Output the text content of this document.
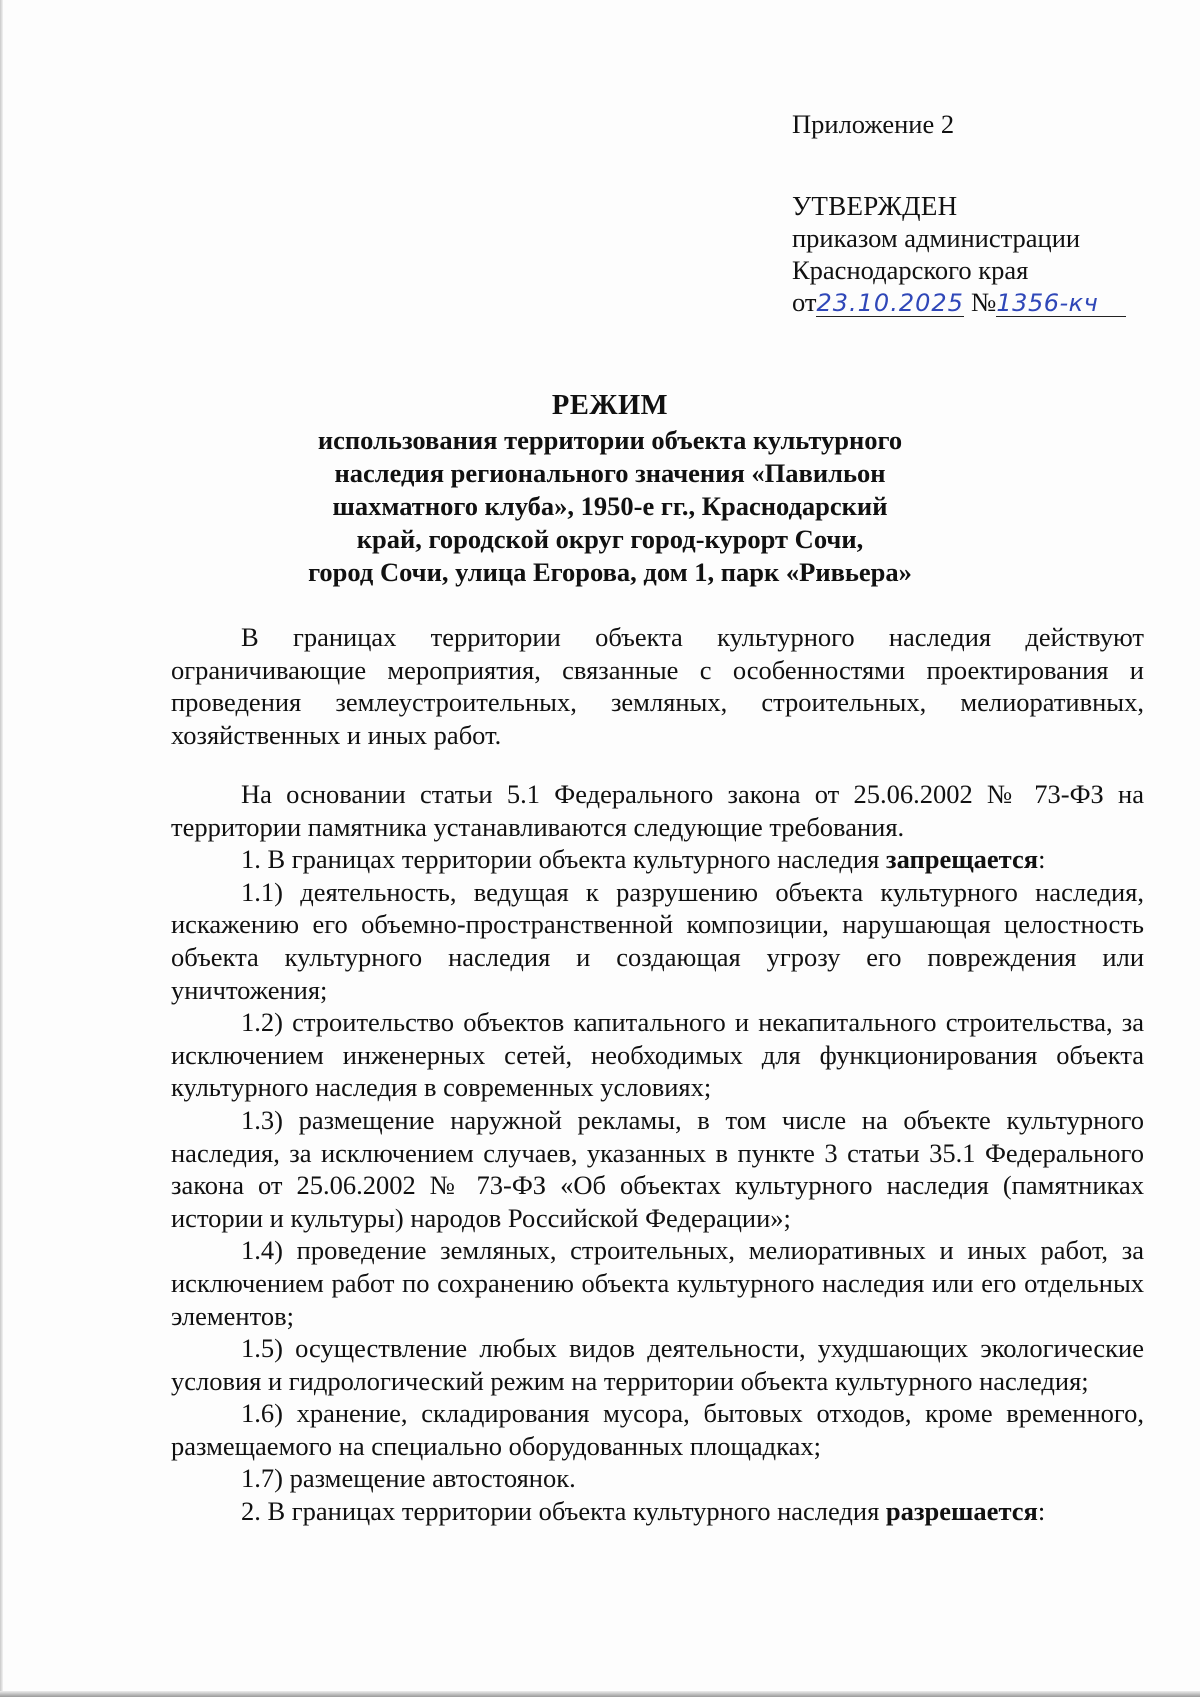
Приложение 2
УТВЕРЖДЕН
приказом администрации
Краснодарского края
от23.10.2025 №1356-кч
РЕЖИМ
использования территории объекта культурного
наследия регионального значения «Павильон
шахматного клуба», 1950-е гг., Краснодарский
край, городской округ город-курорт Сочи,
город Сочи, улица Егорова, дом 1, парк «Ривьера»

В границах территории объекта культурного наследия действуют ограничивающие мероприятия, связанные с особенностями проектирования и проведения землеустроительных, земляных, строительных, мелиоративных, хозяйственных и иных работ.

На основании статьи 5.1 Федерального закона от 25.06.2002 № 73-ФЗ на территории памятника устанавливаются следующие требования.

1. В границах территории объекта культурного наследия запрещается:

1.1) деятельность, ведущая к разрушению объекта культурного наследия, искажению его объемно-пространственной композиции, нарушающая целостность объекта культурного наследия и создающая угрозу его повреждения или уничтожения;

1.2) строительство объектов капитального и некапитального строительства, за исключением инженерных сетей, необходимых для функционирования объекта культурного наследия в современных условиях;

1.3) размещение наружной рекламы, в том числе на объекте культурного наследия, за исключением случаев, указанных в пункте 3 статьи 35.1 Федерального закона от 25.06.2002 № 73-ФЗ «Об объектах культурного наследия (памятниках истории и культуры) народов Российской Федерации»;

1.4) проведение земляных, строительных, мелиоративных и иных работ, за исключением работ по сохранению объекта культурного наследия или его отдельных элементов;

1.5) осуществление любых видов деятельности, ухудшающих экологические условия и гидрологический режим на территории объекта культурного наследия;

1.6) хранение, складирования мусора, бытовых отходов, кроме временного, размещаемого на специально оборудованных площадках;

1.7) размещение автостоянок.

2. В границах территории объекта культурного наследия разрешается:
